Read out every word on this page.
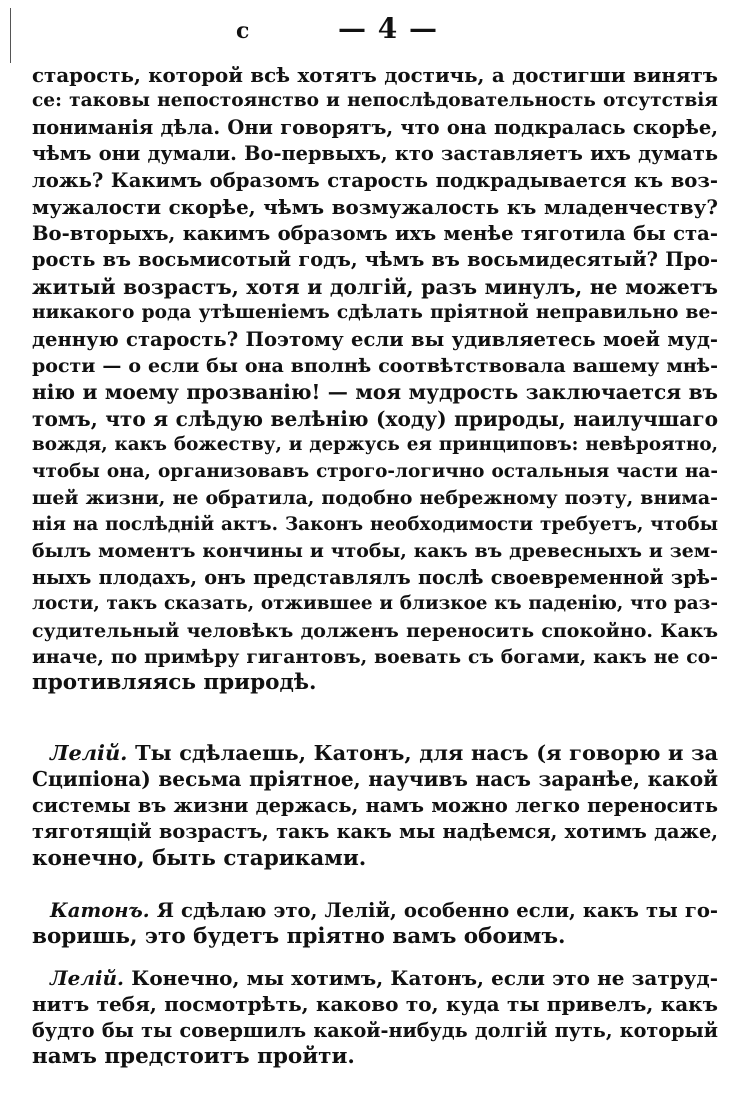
с	— 4 —
старость, которой всѣ хотятъ достичь, а достигши винятъ
се: таковы непостоянство и непослѣдовательность отсутствія
пониманія дѣла. Они говорятъ, что она подкралась скорѣе,
чѣмъ они думали. Во-первыхъ, кто заставляетъ ихъ думать
ложь? Какимъ образомъ старость подкрадывается къ воз-
мужалости скорѣе, чѣмъ возмужалость къ младенчеству?
Во-вторыхъ, какимъ образомъ ихъ менѣе тяготила бы ста-
рость въ восьмисотый годъ, чѣмъ въ восьмидесятый? Про-
житый возрастъ, хотя и долгій, разъ минулъ, не можетъ
никакого рода утѣшеніемъ сдѣлать пріятной неправильно ве-
денную старость? Поэтому если вы удивляетесь моей муд-
рости — о если бы она вполнѣ соотвѣтствовала вашему мнѣ-
нію и моему прозванію! — моя мудрость заключается въ
томъ, что я слѣдую велѣнію (ходу) природы, наилучшаго
вождя, какъ божеству, и держусь ея принциповъ: невѣроятно,
чтобы она, организовавъ строго-логично остальныя части на-
шей жизни, не обратила, подобно небрежному поэту, внима-
нія на послѣдній актъ. Законъ необходимости требуетъ, чтобы
былъ моментъ кончины и чтобы, какъ въ древесныхъ и зем-
ныхъ плодахъ, онъ представлялъ послѣ своевременной зрѣ-
лости, такъ сказать, отжившее и близкое къ паденію, что раз-
судительный человѣкъ долженъ переносить спокойно. Какъ
иначе, по примѣру гигантовъ, воевать съ богами, какъ не со-
противляясь природѣ.
Лелій. Ты сдѣлаешь, Катонъ, для насъ (я говорю и за
Сципіона) весьма пріятное, научивъ насъ заранѣе, какой
системы въ жизни держась, намъ можно легко переносить
тяготящій возрастъ, такъ какъ мы надѣемся, хотимъ даже,
конечно, быть стариками.
Катонъ. Я сдѣлаю это, Лелій, особенно если, какъ ты го-
воришь, это будетъ пріятно вамъ обоимъ.
Лелій. Конечно, мы хотимъ, Катонъ, если это не затруд-
нитъ тебя, посмотрѣть, каково то, куда ты привелъ, какъ
будто бы ты совершилъ какой-нибудь долгій путь, который
намъ предстоитъ пройти.
